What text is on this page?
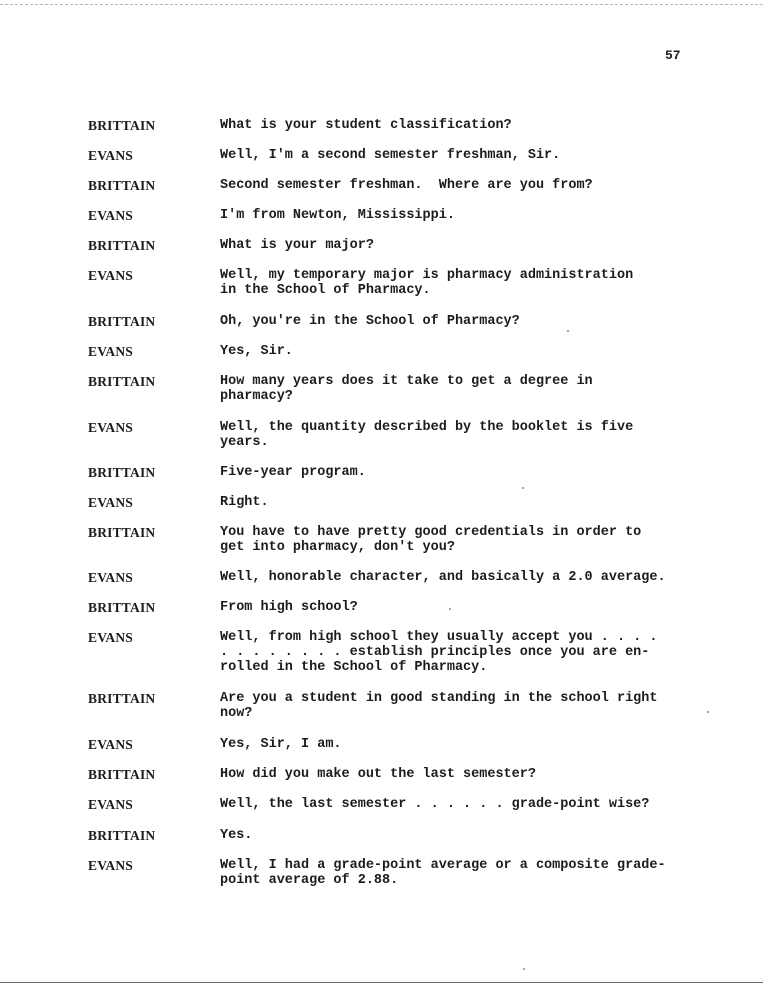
57
BRITTAIN	What is your student classification?
EVANS	Well, I'm a second semester freshman, Sir.
BRITTAIN	Second semester freshman.  Where are you from?
EVANS	I'm from Newton, Mississippi.
BRITTAIN	What is your major?
EVANS	Well, my temporary major is pharmacy administration
in the School of Pharmacy.
BRITTAIN	Oh, you're in the School of Pharmacy?
EVANS	Yes, Sir.
BRITTAIN	How many years does it take to get a degree in
pharmacy?
EVANS	Well, the quantity described by the booklet is five
years.
BRITTAIN	Five-year program.
EVANS	Right.
BRITTAIN	You have to have pretty good credentials in order to
get into pharmacy, don't you?
EVANS	Well, honorable character, and basically a 2.0 average.
BRITTAIN	From high school?
EVANS	Well, from high school they usually accept you . . . .
. . . . . . . . establish principles once you are en-
rolled in the School of Pharmacy.
BRITTAIN	Are you a student in good standing in the school right
now?
EVANS	Yes, Sir, I am.
BRITTAIN	How did you make out the last semester?
EVANS	Well, the last semester . . . . . . grade-point wise?
BRITTAIN	Yes.
EVANS	Well, I had a grade-point average or a composite grade-
point average of 2.88.
